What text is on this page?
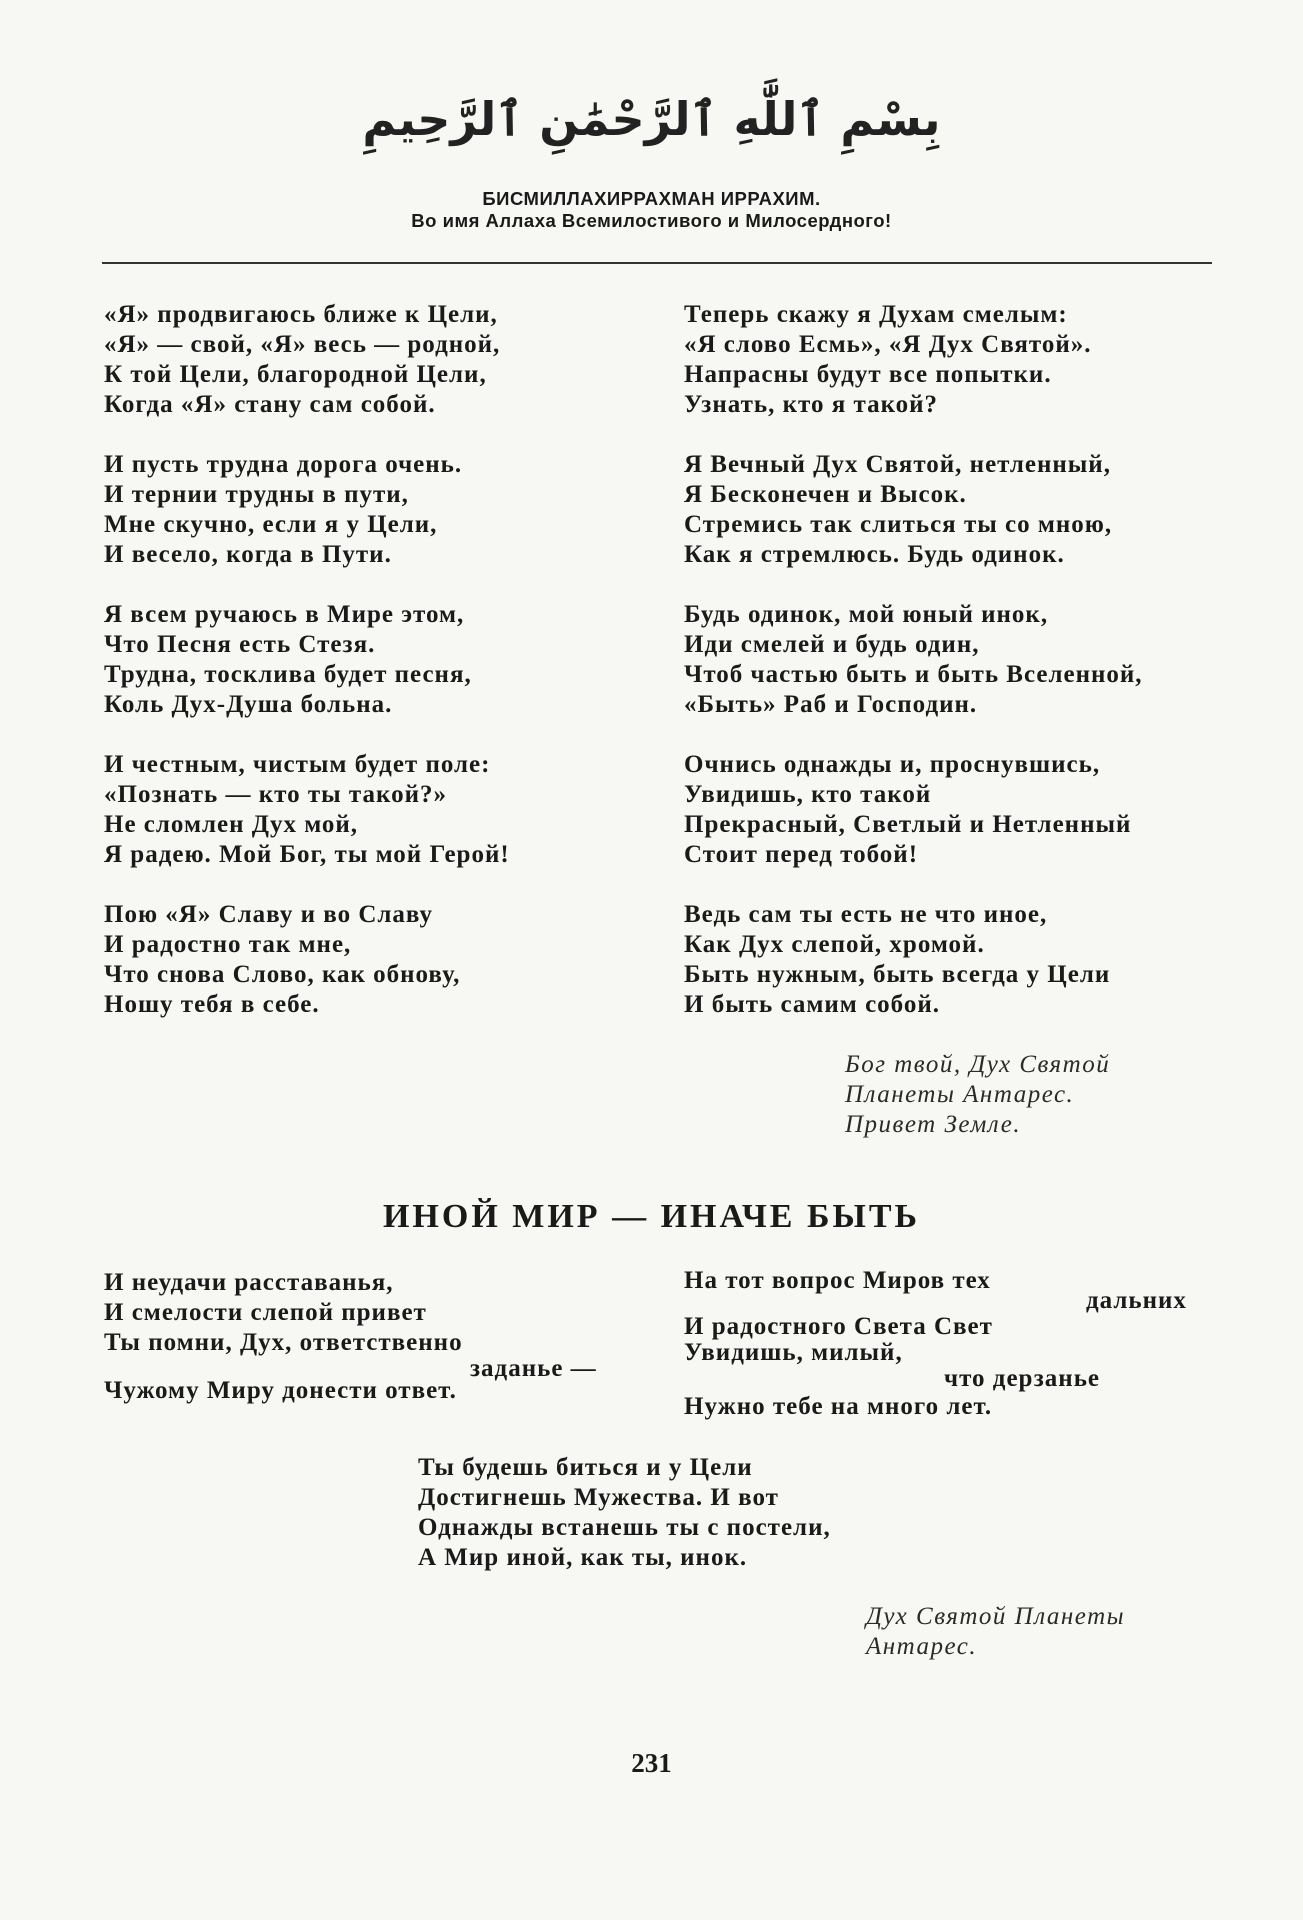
بِسْمِ ٱللَّٰهِ ٱلرَّحْمَٰنِ ٱلرَّحِيمِ
БИСМИЛЛАХИРРАХМАН ИРРАХИМ.
Во имя Аллаха Всемилостивого и Милосердного!
«Я» продвигаюсь ближе к Цели,
«Я» — свой, «Я» весь — родной,
К той Цели, благородной Цели,
Когда «Я» стану сам собой.
И пусть трудна дорога очень.
И тернии трудны в пути,
Мне скучно, если я у Цели,
И весело, когда в Пути.
Я всем ручаюсь в Мире этом,
Что Песня есть Стезя.
Трудна, тосклива будет песня,
Коль Дух-Душа больна.
И честным, чистым будет поле:
«Познать — кто ты такой?»
Не сломлен Дух мой,
Я радею. Мой Бог, ты мой Герой!
Пою «Я» Славу и во Славу
И радостно так мне,
Что снова Слово, как обнову,
Ношу тебя в себе.
Теперь скажу я Духам смелым:
«Я слово Есмь», «Я Дух Святой».
Напрасны будут все попытки.
Узнать, кто я такой?
Я Вечный Дух Святой, нетленный,
Я Бесконечен и Высок.
Стремись так слиться ты со мною,
Как я стремлюсь. Будь одинок.
Будь одинок, мой юный инок,
Иди смелей и будь один,
Чтоб частью быть и быть Вселенной,
«Быть» Раб и Господин.
Очнись однажды и, проснувшись,
Увидишь, кто такой
Прекрасный, Светлый и Нетленный
Стоит перед тобой!
Ведь сам ты есть не что иное,
Как Дух слепой, хромой.
Быть нужным, быть всегда у Цели
И быть самим собой.
Бог твой, Дух Святой
Планеты Антарес.
Привет Земле.
ИНОЙ МИР — ИНАЧЕ БЫТЬ
И неудачи расставанья,
И смелости слепой привет
Ты помни, Дух, ответственно
заданье —
Чужому Миру донести ответ.
На тот вопрос Миров тех
дальних
И радостного Света Свет
Увидишь, милый,
что дерзанье
Нужно тебе на много лет.
Ты будешь биться и у Цели
Достигнешь Мужества. И вот
Однажды встанешь ты с постели,
А Мир иной, как ты, инок.
Дух Святой Планеты
Антарес.
231
